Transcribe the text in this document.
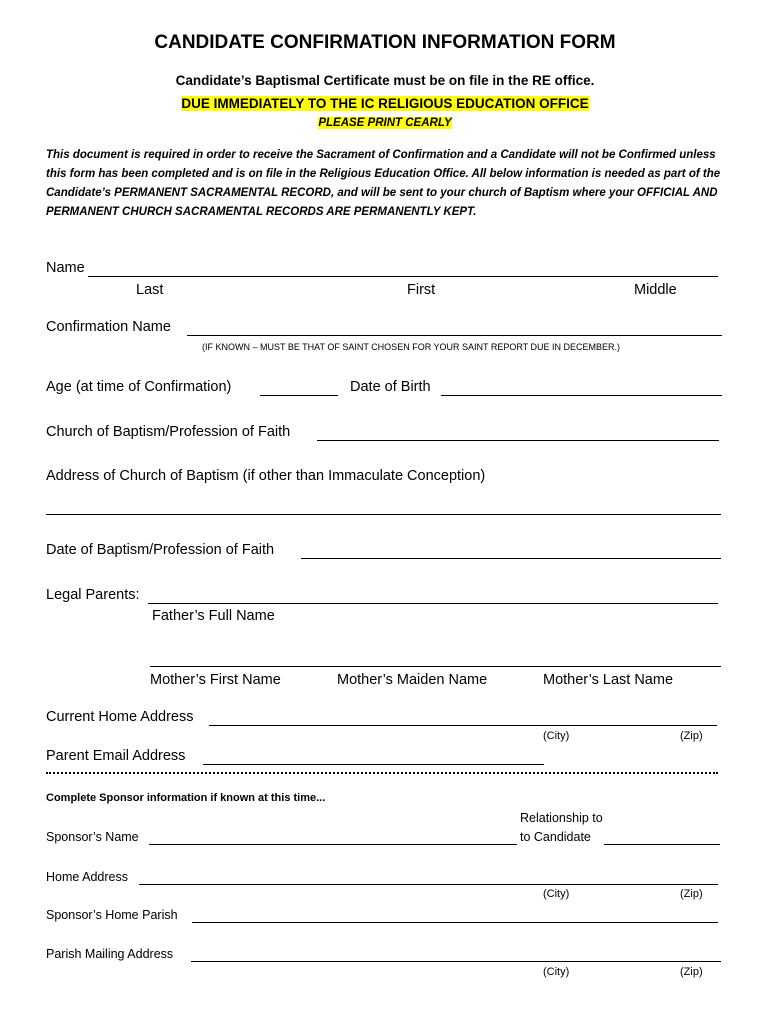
CANDIDATE CONFIRMATION INFORMATION FORM
Candidate’s Baptismal Certificate must be on file in the RE office.
DUE IMMEDIATELY TO THE IC RELIGIOUS EDUCATION OFFICE
PLEASE PRINT CEARLY
This document is required in order to receive the Sacrament of Confirmation and a Candidate will not be Confirmed unless this form has been completed and is on file in the Religious Education Office. All below information is needed as part of the Candidate’s PERMANENT SACRAMENTAL RECORD, and will be sent to your church of Baptism where your OFFICIAL AND PERMANENT CHURCH SACRAMENTAL RECORDS ARE PERMANENTLY KEPT.
Name
Last	First	Middle
Confirmation Name
(IF KNOWN – MUST BE THAT OF SAINT CHOSEN FOR YOUR SAINT REPORT DUE IN DECEMBER.)
Age (at time of Confirmation)	Date of Birth
Church of Baptism/Profession of Faith
Address of Church of Baptism (if other than Immaculate Conception)
Date of Baptism/Profession of Faith
Legal Parents:
Father’s Full Name
Mother’s First Name	Mother’s Maiden Name	Mother’s Last Name
Current Home Address
(City)	(Zip)
Parent Email Address
Complete Sponsor information if known at this time...
Relationship to
Sponsor’s Name	to Candidate
Home Address
(City)	(Zip)
Sponsor’s Home Parish
Parish Mailing Address
(City)	(Zip)
